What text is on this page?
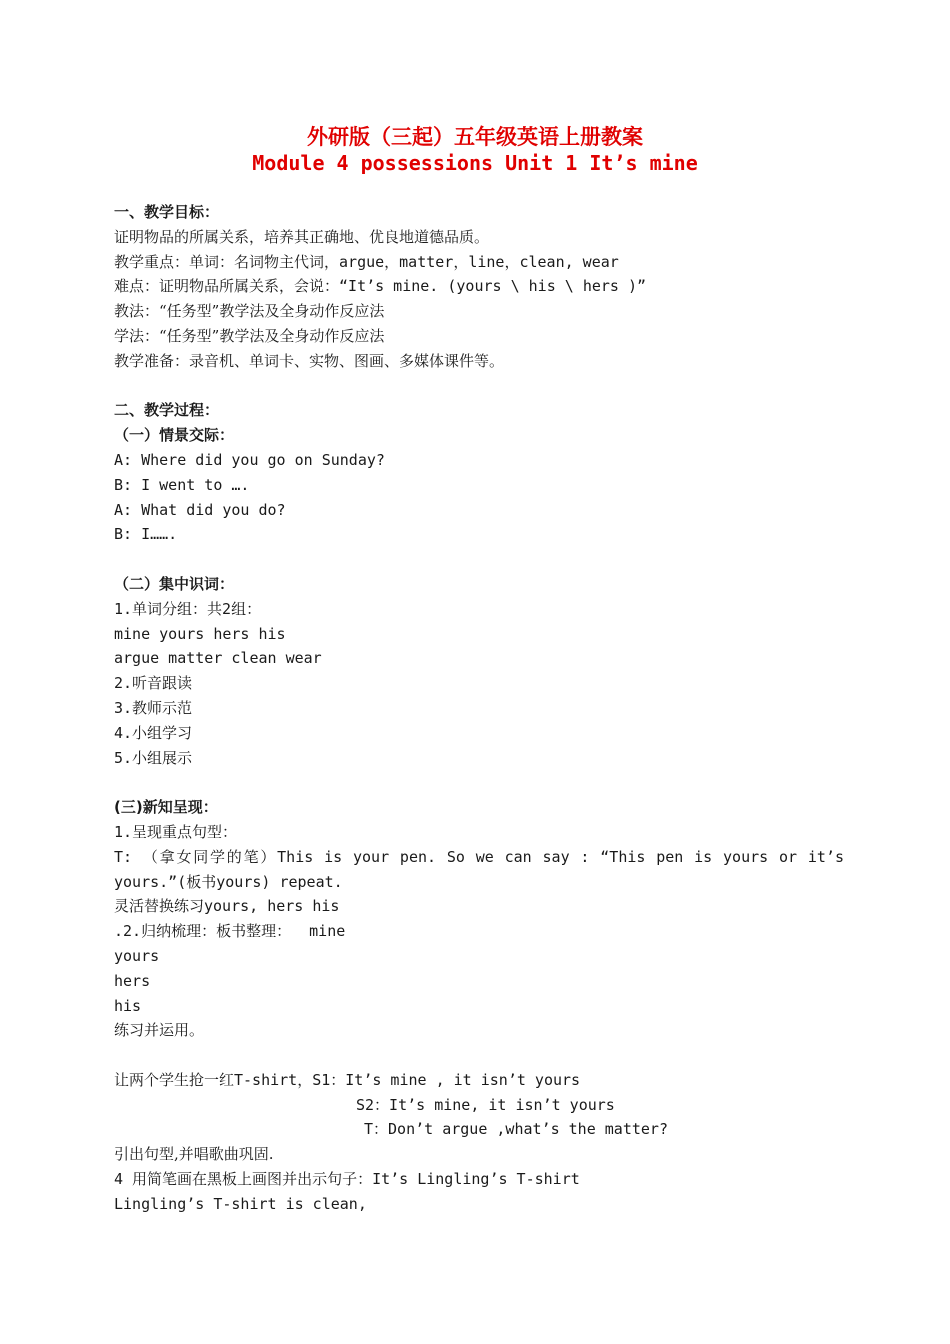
外研版（三起）五年级英语上册教案
Module 4 possessions Unit 1 It’s mine
一、教学目标：
证明物品的所属关系，培养其正确地、优良地道德品质。
教学重点：单词：名词物主代词，argue，matter，line，clean, wear
难点：证明物品所属关系，会说：“It’s mine. (yours \ his \ hers )”
教法：“任务型”教学法及全身动作反应法
学法：“任务型”教学法及全身动作反应法
教学准备：录音机、单词卡、实物、图画、多媒体课件等。
二、教学过程：
（一）情景交际：
A: Where did you go on Sunday?
B: I went to ….
A: What did you do?
B: I…….
（二）集中识词：
1.单词分组：共2组：
mine yours hers his
argue matter clean wear
2.听音跟读
3.教师示范
4.小组学习
5.小组展示
(三)新知呈现：
1.呈现重点句型：
T: （拿女同学的笔）This is your pen. So we can say : “This pen is yours or it’s yours.”(板书yours) repeat.
灵活替换练习yours, hers his
.2.归纳梳理：板书整理：  mine
yours
hers
his
练习并运用。
让两个学生抢一红T-shirt，S1：It’s mine , it isn’t yours
S2：It’s mine, it isn’t yours
T：Don’t argue ,what’s the matter?
引出句型,并唱歌曲巩固.
4 用简笔画在黑板上画图并出示句子：It’s Lingling’s T-shirt
Lingling’s T-shirt is clean,
